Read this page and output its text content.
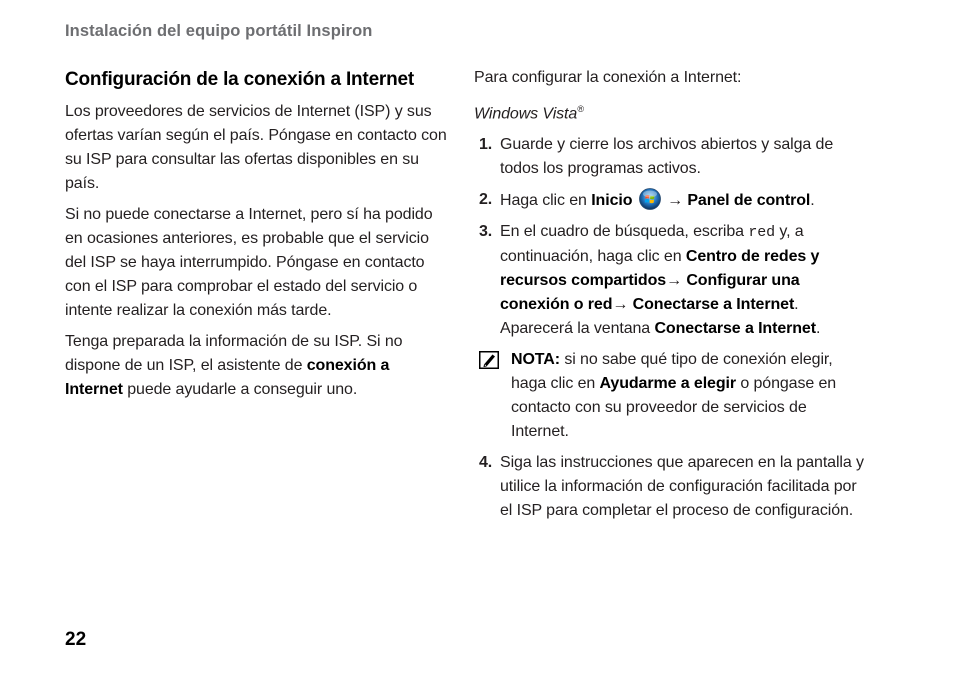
Instalación del equipo portátil Inspiron
Configuración de la conexión a Internet

Los proveedores de servicios de Internet (ISP) y sus ofertas varían según el país. Póngase en contacto con su ISP para consultar las ofertas disponibles en su país.

Si no puede conectarse a Internet, pero sí ha podido en ocasiones anteriores, es probable que el servicio del ISP se haya interrumpido. Póngase en contacto con el ISP para comprobar el estado del servicio o intente realizar la conexión más tarde.

Tenga preparada la información de su ISP. Si no dispone de un ISP, el asistente de conexión a Internet puede ayudarle a conseguir uno.

Para configurar la conexión a Internet:

Windows Vista®

1. Guarde y cierre los archivos abiertos y salga de todos los programas activos.
2. Haga clic en Inicio  → Panel de control.
3. En el cuadro de búsqueda, escriba red y, a continuación, haga clic en Centro de redes y recursos compartidos→ Configurar una conexión o red→ Conectarse a Internet. Aparecerá la ventana Conectarse a Internet.
NOTA: si no sabe qué tipo de conexión elegir, haga clic en Ayudarme a elegir o póngase en contacto con su proveedor de servicios de Internet.
4. Siga las instrucciones que aparecen en la pantalla y utilice la información de configuración facilitada por el ISP para completar el proceso de configuración.
22
